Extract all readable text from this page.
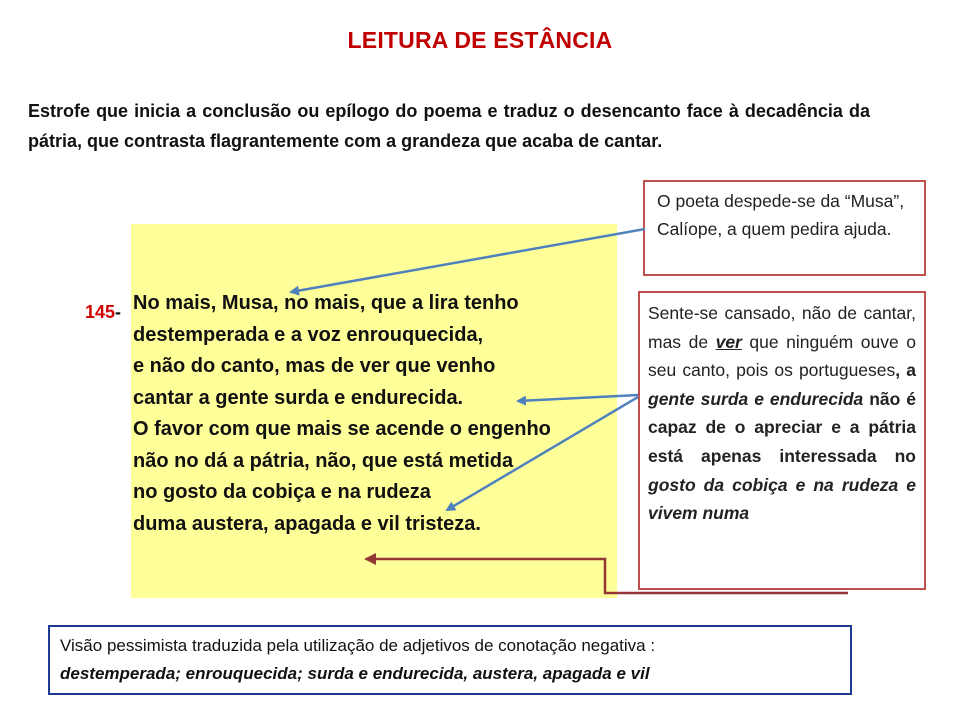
LEITURA DE ESTÂNCIA
Estrofe que inicia a conclusão ou epílogo do poema e traduz o desencanto face à decadência da pátria, que contrasta flagrantemente com a grandeza que acaba de cantar.
145- No mais, Musa, no mais, que a lira tenho
destemperada e a voz enrouquecida,
e não do canto, mas de ver que venho
cantar a gente surda e endurecida.
O favor com que mais se acende o engenho
não no dá a pátria, não, que está metida
no gosto da cobiça e na rudeza
duma austera, apagada e vil tristeza.
O poeta despede-se da “Musa”, Calíope, a quem pedira ajuda.
Sente-se cansado, não de cantar, mas de ver que ninguém ouve o seu canto, pois os portugueses, a gente surda e endurecida não é capaz de o apreciar e a pátria está apenas interessada no gosto da cobiça e na rudeza e vivem numa
Visão pessimista traduzida pela utilização de adjetivos de conotação negativa :
destemperada; enrouquecida; surda e endurecida, austera, apagada e vil
